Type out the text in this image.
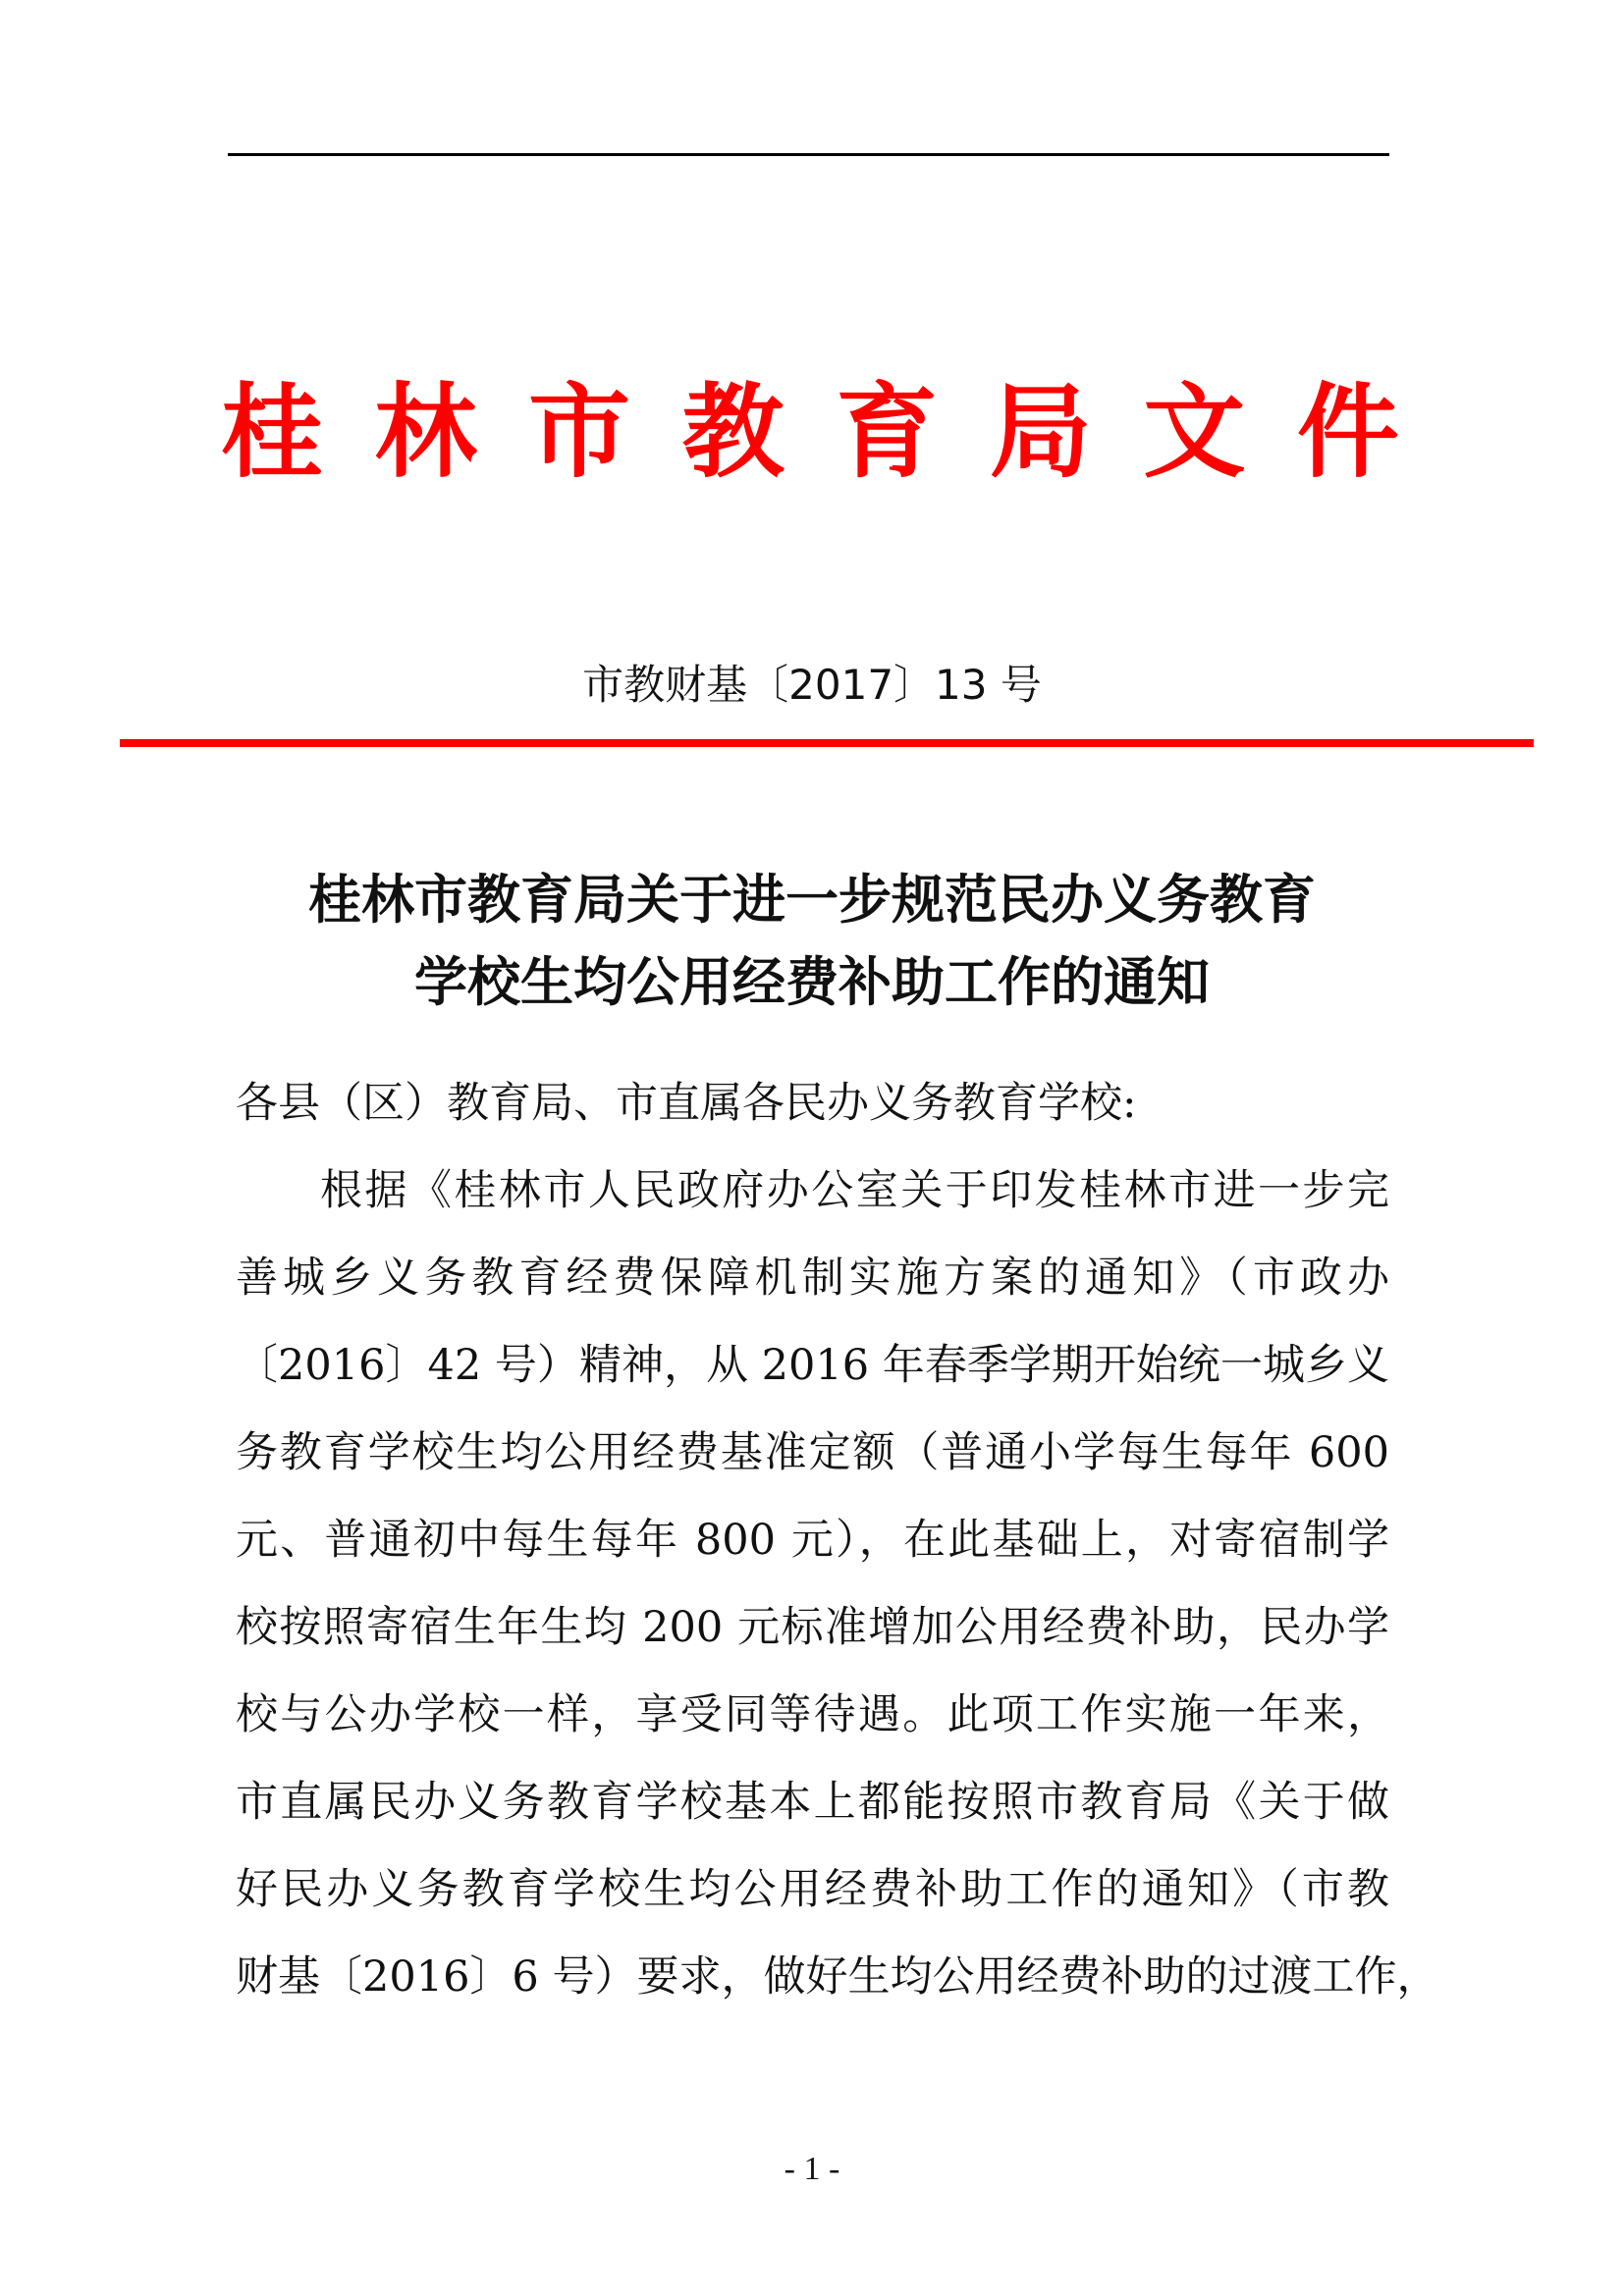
桂 林 市 教 育 局 文 件
市教财基〔2017〕13 号
桂林市教育局关于进一步规范民办义务教育
学校生均公用经费补助工作的通知
各县（区）教育局、市直属各民办义务教育学校:
根据《桂林市人民政府办公室关于印发桂林市进一步完
善城乡义务教育经费保障机制实施方案的通知》（市政办
〔2016〕42 号）精神，从 2016 年春季学期开始统一城乡义
务教育学校生均公用经费基准定额（普通小学每生每年 600
元、普通初中每生每年 800 元），在此基础上，对寄宿制学
校按照寄宿生年生均 200 元标准增加公用经费补助，民办学
校与公办学校一样，享受同等待遇。此项工作实施一年来，
市直属民办义务教育学校基本上都能按照市教育局《关于做
好民办义务教育学校生均公用经费补助工作的通知》（市教
财基〔2016〕6 号）要求，做好生均公用经费补助的过渡工作，
- 1 -
